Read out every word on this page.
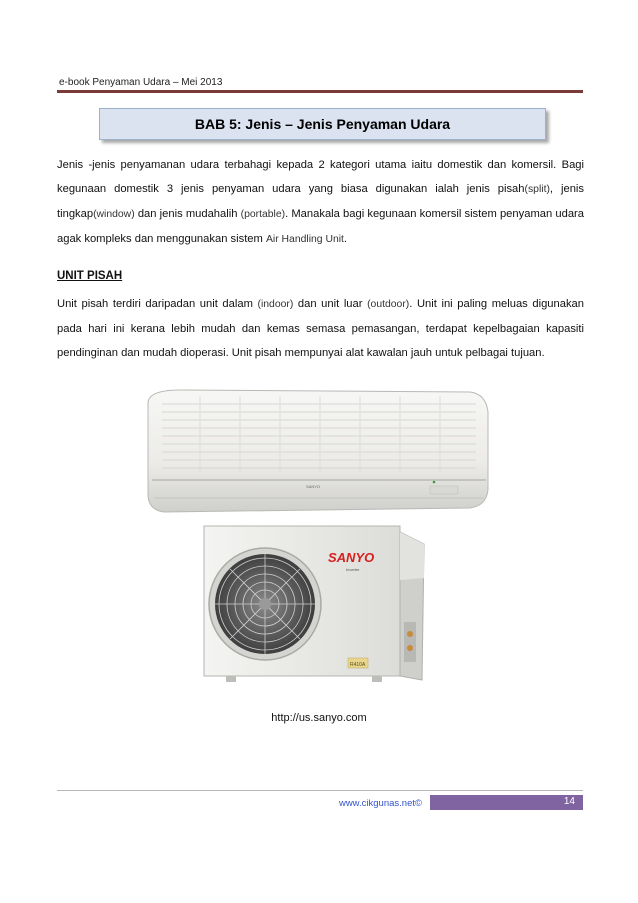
e-book Penyaman Udara – Mei 2013
BAB 5: Jenis – Jenis Penyaman Udara
Jenis -jenis penyamanan udara terbahagi kepada 2 kategori utama iaitu domestik dan komersil. Bagi kegunaan domestik 3 jenis penyaman udara yang biasa digunakan ialah jenis pisah(split), jenis tingkap(window) dan jenis mudahalih (portable). Manakala bagi kegunaan komersil sistem penyaman udara agak kompleks dan menggunakan sistem Air Handling Unit.
UNIT PISAH
Unit pisah terdiri daripadan unit dalam (indoor) dan unit luar (outdoor). Unit ini paling meluas digunakan pada hari ini kerana lebih mudah dan kemas semasa pemasangan, terdapat kepelbagaian kapasiti pendinginan dan mudah dioperasi. Unit pisah mempunyai alat kawalan jauh untuk pelbagai tujuan.
SANYO
SANYO
Inverter
R410A
http://us.sanyo.com
www.cikgunas.net©	14
